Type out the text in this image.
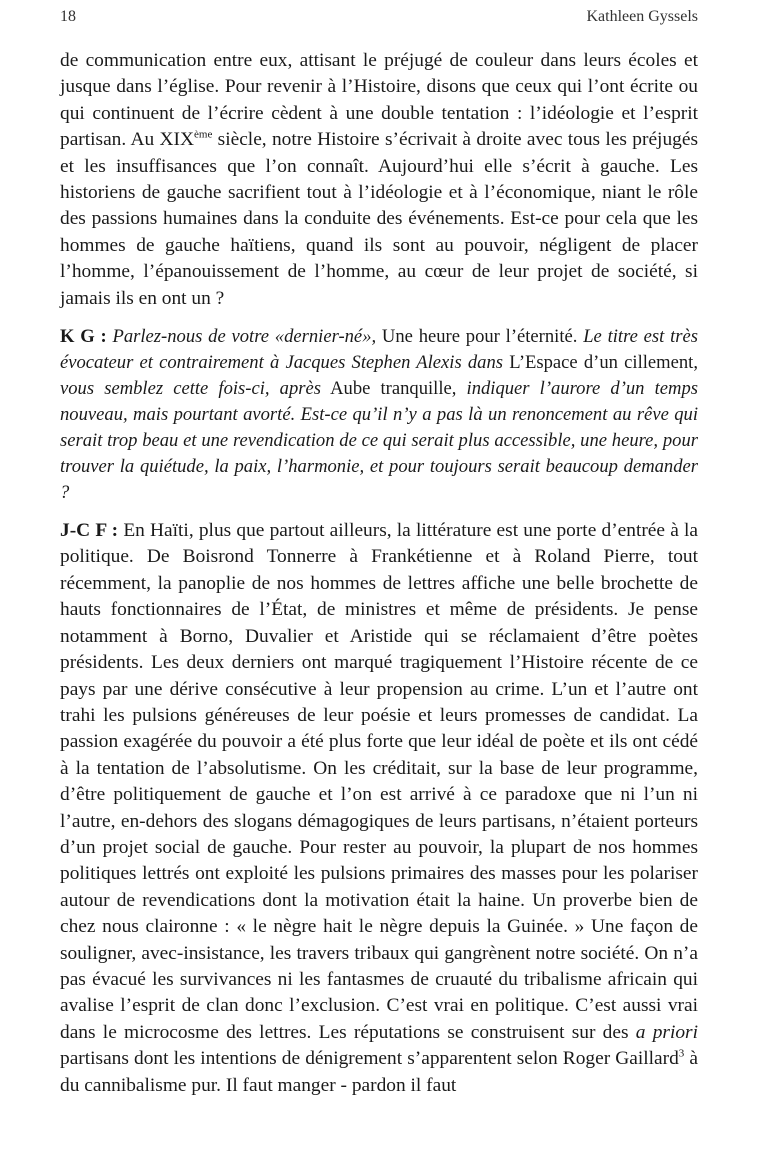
18	Kathleen Gyssels

de communication entre eux, attisant le préjugé de couleur dans leurs écoles et jusque dans l’église. Pour revenir à l’Histoire, disons que ceux qui l’ont écrite ou qui continuent de l’écrire cèdent à une double tentation : l’idéologie et l’esprit partisan. Au XIXème siècle, notre Histoire s’écrivait à droite avec tous les préjugés et les insuffisances que l’on connaît. Aujourd’hui elle s’écrit à gauche. Les historiens de gauche sacrifient tout à l’idéologie et à l’économique, niant le rôle des passions humaines dans la conduite des événements. Est-ce pour cela que les hommes de gauche haïtiens, quand ils sont au pouvoir, négligent de placer l’homme, l’épanouissement de l’homme, au cœur de leur projet de société, si jamais ils en ont un ?

K G : Parlez-nous de votre «dernier-né», Une heure pour l’éternité. Le titre est très évocateur et contrairement à Jacques Stephen Alexis dans L’Espace d’un cillement, vous semblez cette fois-ci, après Aube tranquille, indiquer l’aurore d’un temps nouveau, mais pourtant avorté. Est-ce qu’il n’y a pas là un renoncement au rêve qui serait trop beau et une revendication de ce qui serait plus accessible, une heure, pour trouver la quiétude, la paix, l’harmonie, et pour toujours serait beaucoup demander ?

J-C F : En Haïti, plus que partout ailleurs, la littérature est une porte d’entrée à la politique. De Boisrond Tonnerre à Frankétienne et à Roland Pierre, tout récemment, la panoplie de nos hommes de lettres affiche une belle brochette de hauts fonctionnaires de l’État, de ministres et même de présidents. Je pense notamment à Borno, Duvalier et Aristide qui se réclamaient d’être poètes présidents. Les deux derniers ont marqué tragiquement l’Histoire récente de ce pays par une dérive consécutive à leur propension au crime. L’un et l’autre ont trahi les pulsions généreuses de leur poésie et leurs promesses de candidat. La passion exagérée du pouvoir a été plus forte que leur idéal de poète et ils ont cédé à la tentation de l’absolutisme. On les créditait, sur la base de leur programme, d’être politiquement de gauche et l’on est arrivé à ce paradoxe que ni l’un ni l’autre, en-dehors des slogans démagogiques de leurs partisans, n’étaient porteurs d’un projet social de gauche. Pour rester au pouvoir, la plupart de nos hommes politiques lettrés ont exploité les pulsions primaires des masses pour les polariser autour de revendications dont la motivation était la haine. Un proverbe bien de chez nous claironne : « le nègre hait le nègre depuis la Guinée. » Une façon de souligner, avec-insistance, les travers tribaux qui gangrènent notre société. On n’a pas évacué les survivances ni les fantasmes de cruauté du tribalisme africain qui avalise l’esprit de clan donc l’exclusion. C’est vrai en politique. C’est aussi vrai dans le microcosme des lettres. Les réputations se construisent sur des a priori partisans dont les intentions de dénigrement s’apparentent selon Roger Gaillard$^3$ à du cannibalisme pur. Il faut manger - pardon il faut
